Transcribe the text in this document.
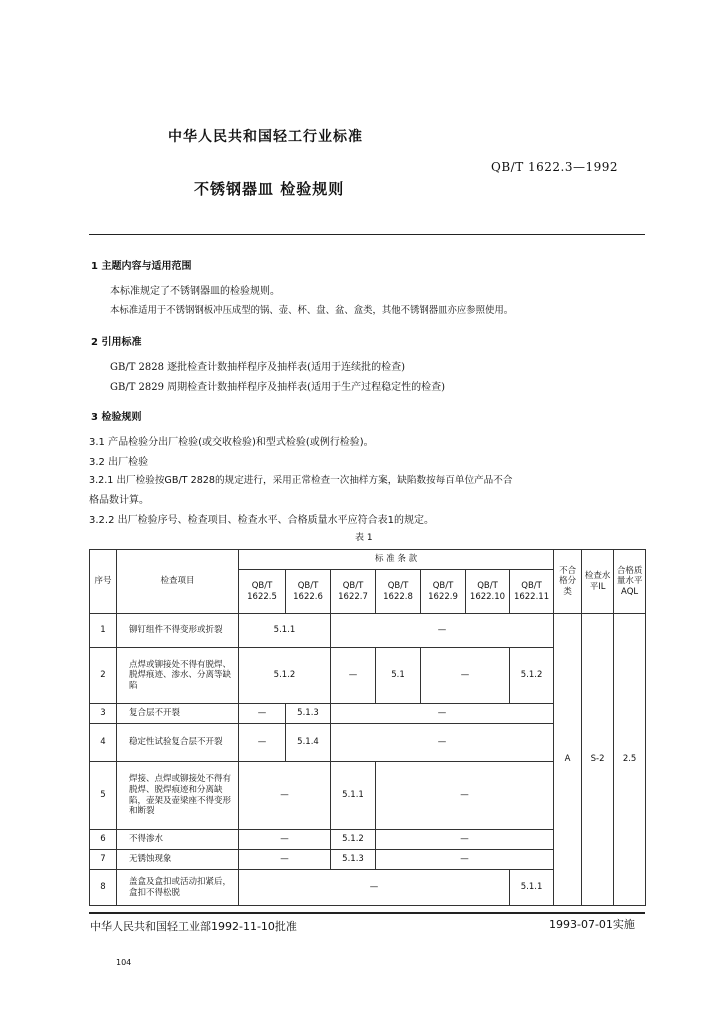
中华人民共和国轻工行业标准
QB/T 1622.3—1992
不锈钢器皿 检验规则
1 主题内容与适用范围
本标准规定了不锈钢器皿的检验规则。
本标准适用于不锈钢钢板冲压成型的锅、壶、杯、盘、盆、盒类，其他不锈钢器皿亦应参照使用。
2 引用标准
GB/T 2828 逐批检查计数抽样程序及抽样表(适用于连续批的检查)
GB/T 2829 周期检查计数抽样程序及抽样表(适用于生产过程稳定性的检查)
3 检验规则
3.1 产品检验分出厂检验(或交收检验)和型式检验(或例行检验)。
3.2 出厂检验
3.2.1 出厂检验按GB/T 2828的规定进行，采用正常检查一次抽样方案，缺陷数按每百单位产品不合
格品数计算。
3.2.2 出厂检验序号、检查项目、检查水平、合格质量水平应符合表1的规定。
表 1
序号	检查项目	标 准 条 款							不合格分类	检查水平IL	合格质量水平AQL
		QB/T 1622.5	QB/T 1622.6	QB/T 1622.7	QB/T 1622.8	QB/T 1622.9	QB/T 1622.10	QB/T 1622.11			
1	铆钉组件不得变形或折裂	5.1.1		—					A	S-2	2.5
2	点焊或铆接处不得有脱焊、脱焊痕迹、渗水、分离等缺陷	5.1.2		—	5.1	—		5.1.2			
3	复合层不开裂	—	5.1.3	—							
4	稳定性试验复合层不开裂	—	5.1.4	—							
5	焊接、点焊或铆接处不得有脱焊、脱焊痕迹和分离缺陷，壶架及壶梁座不得变形和断裂	—		5.1.1	—						
6	不得渗水	—		5.1.2	—						
7	无锈蚀现象	—		5.1.3	—						
8	盖盒及盒扣或活动扣紧后，盒扣不得松脱	—						5.1.1			
中华人民共和国轻工业部1992-11-10批准	1993-07-01实施
104
